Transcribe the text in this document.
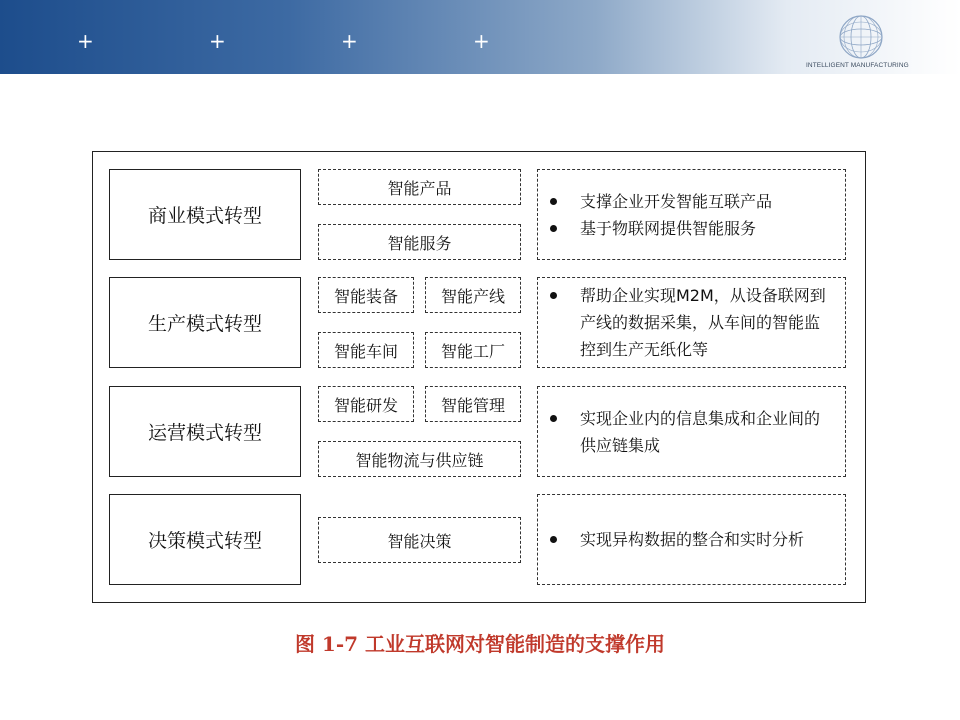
+	+	+	+
INTELLIGENT MANUFACTURING
商业模式转型
智能产品
智能服务
支撑企业开发智能互联产品
基于物联网提供智能服务
生产模式转型
智能装备	智能产线
智能车间	智能工厂
帮助企业实现M2M，从设备联网到产线的数据采集，从车间的智能监控到生产无纸化等
运营模式转型
智能研发	智能管理
智能物流与供应链
实现企业内的信息集成和企业间的供应链集成
决策模式转型	智能决策	实现异构数据的整合和实时分析
图 1-7 工业互联网对智能制造的支撑作用
